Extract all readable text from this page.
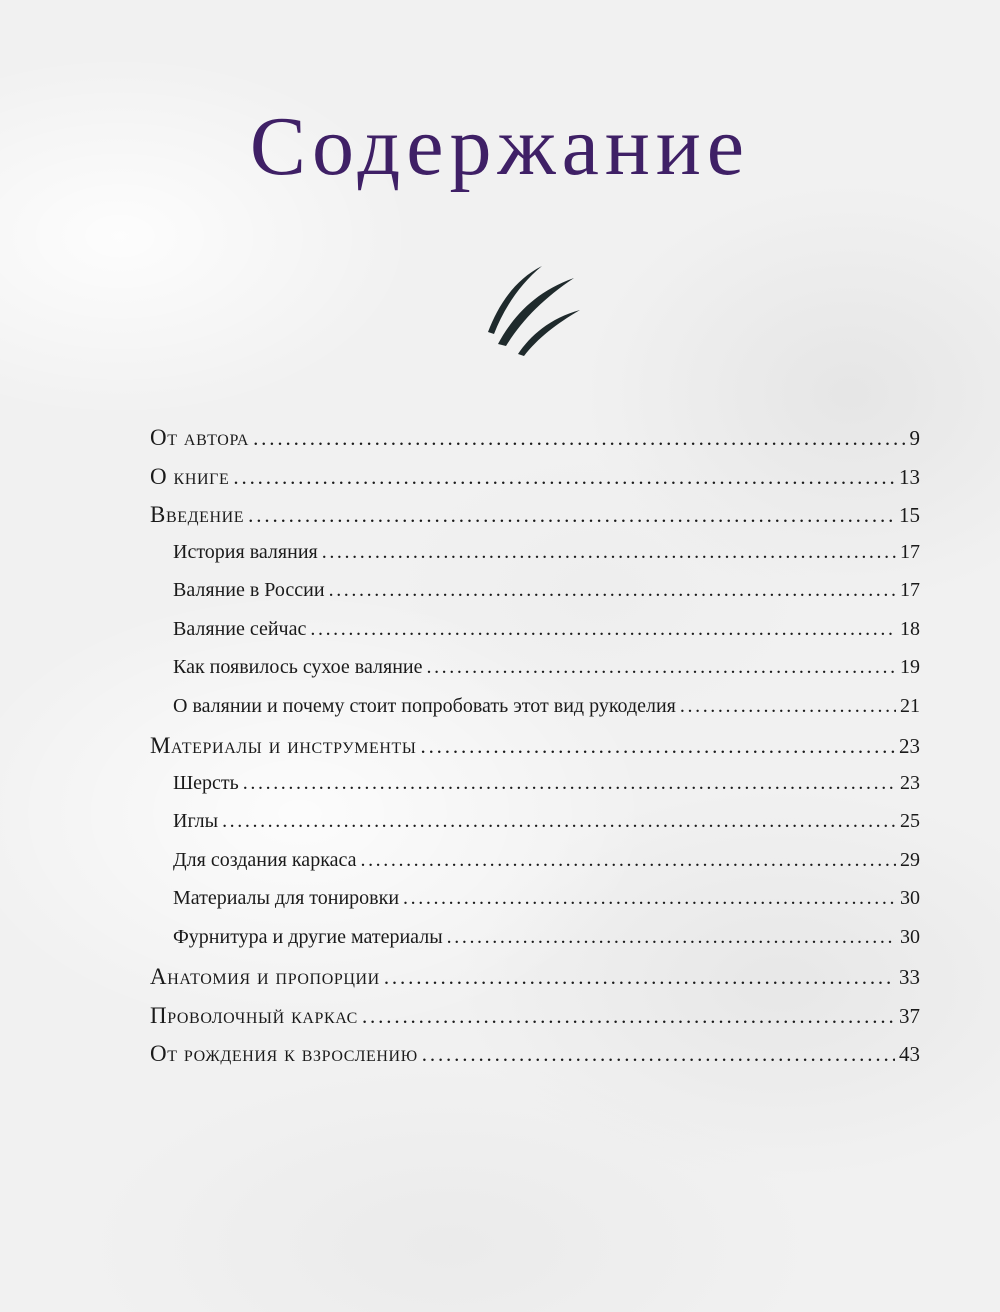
Содержание
От автора . . .	9
О книге . . .	13
Введение . . .	15
История валяния . . .	17
Валяние в России . . .	17
Валяние сейчас . . .	18
Как появилось сухое валяние . . .	19
О валянии и почему стоит попробовать этот вид рукоделия . . .	21
Материалы и инструменты . . .	23
Шерсть . . .	23
Иглы . . .	25
Для создания каркаса . . .	29
Материалы для тонировки . . .	30
Фурнитура и другие материалы . . .	30
Анатомия и пропорции . . .	33
Проволочный каркас . . .	37
От рождения к взрослению . . .	43
